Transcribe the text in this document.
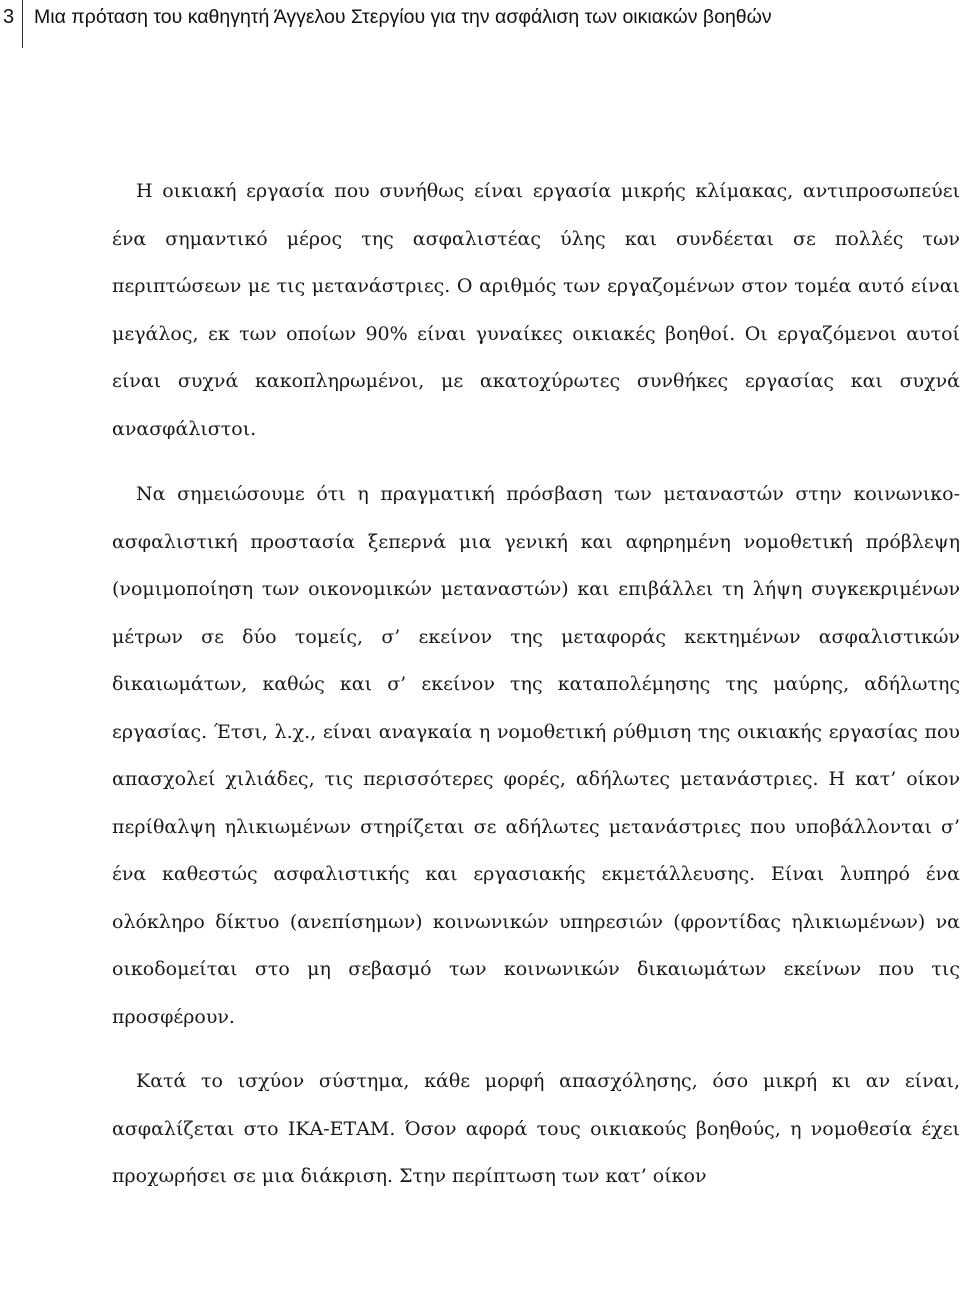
3 Μια πρόταση του καθηγητή Άγγελου Στεργίου για την ασφάλιση των οικιακών βοηθών

Η οικιακή εργασία που συνήθως είναι εργασία μικρής κλίμακας, αντιπροσωπεύει ένα σημαντικό μέρος της ασφαλιστέας ύλης και συνδέεται σε πολλές των περιπτώσεων με τις μετανάστριες. Ο αριθμός των εργαζομένων στον τομέα αυτό είναι μεγάλος, εκ των οποίων 90% είναι γυναίκες οικιακές βοηθοί. Οι εργαζόμενοι αυτοί είναι συχνά κακοπληρωμένοι, με ακατοχύρωτες συνθήκες εργασίας και συχνά ανασφάλιστοι.

Να σημειώσουμε ότι η πραγματική πρόσβαση των μεταναστών στην κοινωνικο-ασφαλιστική προστασία ξεπερνά μια γενική και αφηρημένη νομοθετική πρόβλεψη (νομιμοποίηση των οικονομικών μεταναστών) και επιβάλλει τη λήψη συγκεκριμένων μέτρων σε δύο τομείς, σ’ εκείνον της μεταφοράς κεκτημένων ασφαλιστικών δικαιωμάτων, καθώς και σ’ εκείνον της καταπολέμησης της μαύρης, αδήλωτης εργασίας. Έτσι, λ.χ., είναι αναγκαία η νομοθετική ρύθμιση της οικιακής εργασίας που απασχολεί χιλιάδες, τις περισσότερες φορές, αδήλωτες μετανάστριες. Η κατ’ οίκον περίθαλψη ηλικιωμένων στηρίζεται σε αδήλωτες μετανάστριες που υποβάλλονται σ’ ένα καθεστώς ασφαλιστικής και εργασιακής εκμετάλλευσης. Είναι λυπηρό ένα ολόκληρο δίκτυο (ανεπίσημων) κοινωνικών υπηρεσιών (φροντίδας ηλικιωμένων) να οικοδομείται στο μη σεβασμό των κοινωνικών δικαιωμάτων εκείνων που τις προσφέρουν.

Κατά το ισχύον σύστημα, κάθε μορφή απασχόλησης, όσο μικρή κι αν είναι, ασφαλίζεται στο ΙΚΑ-ΕΤΑΜ. Όσον αφορά τους οικιακούς βοηθούς, η νομοθεσία έχει προχωρήσει σε μια διάκριση. Στην περίπτωση των κατ’ οίκον
